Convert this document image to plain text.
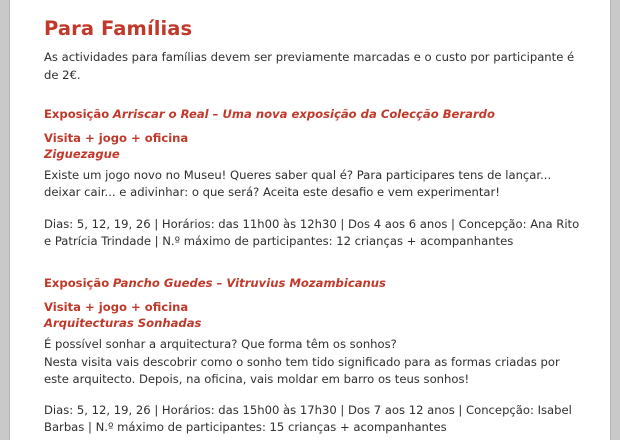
Para Famílias

As actividades para famílias devem ser previamente marcadas e o custo por participante é de 2€.

Exposição Arriscar o Real – Uma nova exposição da Colecção Berardo

Visita + jogo + oficina

Ziguezague

Existe um jogo novo no Museu! Queres saber qual é? Para participares tens de lançar... deixar cair... e adivinhar: o que será? Aceita este desafio e vem experimentar!

Dias: 5, 12, 19, 26 | Horários: das 11h00 às 12h30 | Dos 4 aos 6 anos | Concepção: Ana Rito e Patrícia Trindade | N.º máximo de participantes: 12 crianças + acompanhantes

Exposição Pancho Guedes – Vitruvius Mozambicanus

Visita + jogo + oficina

Arquitecturas Sonhadas

É possível sonhar a arquitectura? Que forma têm os sonhos?

Nesta visita vais descobrir como o sonho tem tido significado para as formas criadas por este arquitecto. Depois, na oficina, vais moldar em barro os teus sonhos!

Dias: 5, 12, 19, 26 | Horários: das 15h00 às 17h30 | Dos 7 aos 12 anos | Concepção: Isabel Barbas | N.º máximo de participantes: 15 crianças + acompanhantes
